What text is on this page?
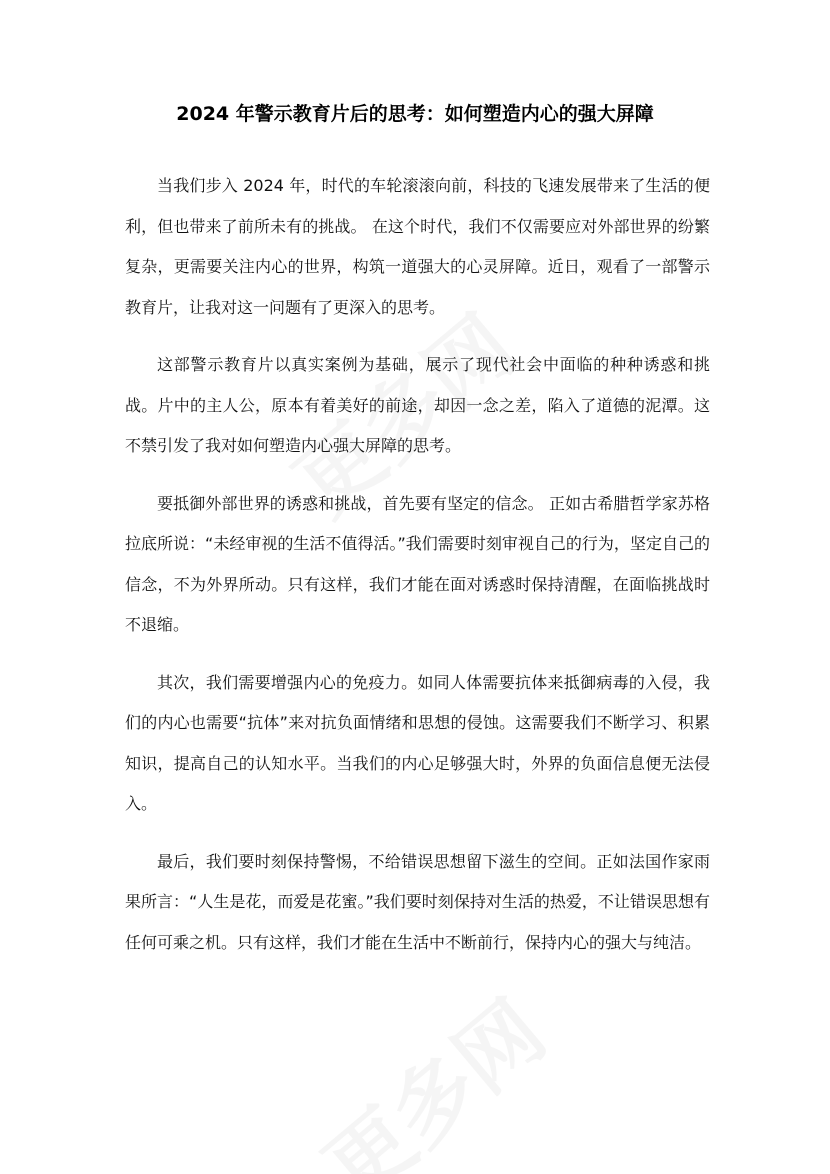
2024 年警示教育片后的思考：如何塑造内心的强大屏障

当我们步入 2024 年，时代的车轮滚滚向前，科技的飞速发展带来了生活的便利，但也带来了前所未有的挑战。 在这个时代，我们不仅需要应对外部世界的纷繁复杂，更需要关注内心的世界，构筑一道强大的心灵屏障。近日，观看了一部警示教育片，让我对这一问题有了更深入的思考。

这部警示教育片以真实案例为基础，展示了现代社会中面临的种种诱惑和挑战。片中的主人公，原本有着美好的前途，却因一念之差，陷入了道德的泥潭。这不禁引发了我对如何塑造内心强大屏障的思考。

要抵御外部世界的诱惑和挑战，首先要有坚定的信念。 正如古希腊哲学家苏格拉底所说：“未经审视的生活不值得活。”我们需要时刻审视自己的行为，坚定自己的信念，不为外界所动。只有这样，我们才能在面对诱惑时保持清醒，在面临挑战时不退缩。

其次，我们需要增强内心的免疫力。如同人体需要抗体来抵御病毒的入侵，我们的内心也需要“抗体”来对抗负面情绪和思想的侵蚀。这需要我们不断学习、积累知识，提高自己的认知水平。当我们的内心足够强大时，外界的负面信息便无法侵入。

最后，我们要时刻保持警惕，不给错误思想留下滋生的空间。正如法国作家雨果所言：“人生是花，而爱是花蜜。”我们要时刻保持对生活的热爱，不让错误思想有任何可乘之机。只有这样，我们才能在生活中不断前行，保持内心的强大与纯洁。
